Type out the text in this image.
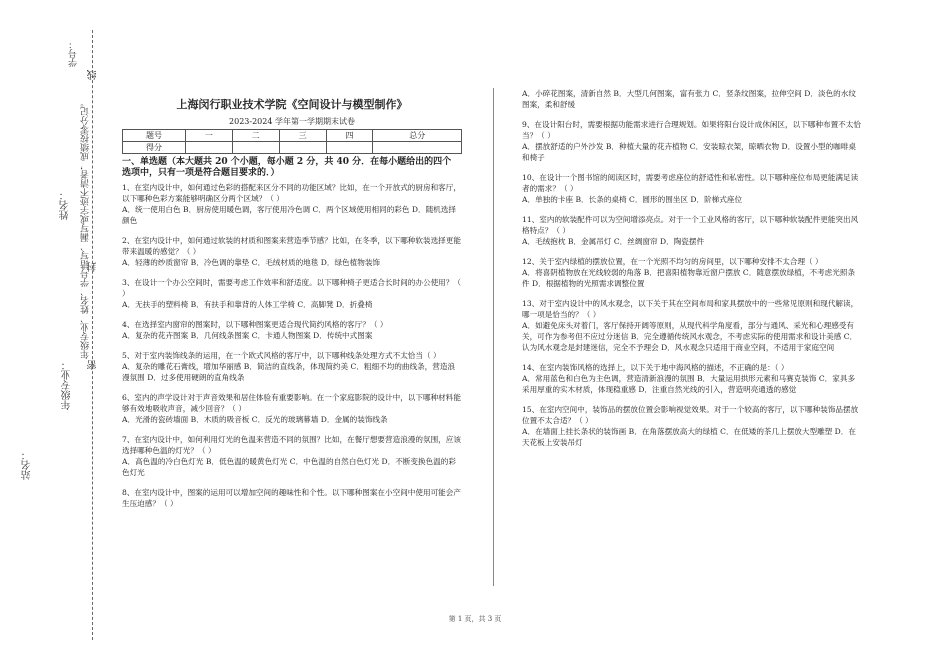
学号：
年级专业、姓名、学号错写、漏写或字迹不清者，成绩按零分记。
线
封
密
姓名：
年级专业：
站名：
上海闵行职业技术学院《空间设计与模型制作》
2023-2024 学年第一学期期末试卷
题号	一	二	三	四	总分
得分					
一、单选题（本大题共 20 个小题，每小题 2 分，共 40 分．在每小题给出的四个
选项中，只有一项是符合题目要求的．）
1、在室内设计中，如何通过色彩的搭配来区分不同的功能区域？比如，在一个开放式的厨房和客厅，以下哪种色彩方案能够明确区分两个区域？（ ）
A．统一使用白色 B．厨房使用暖色调，客厅使用冷色调 C．两个区域使用相同的彩色 D．随机选择颜色
2、在室内设计中，如何通过软装的材质和图案来营造季节感？比如，在冬季，以下哪种软装选择更能带来温暖的感觉？（ ）
A．轻薄的纱质窗帘 B．冷色调的靠垫 C．毛绒材质的地毯 D．绿色植物装饰
3、在设计一个办公空间时，需要考虑工作效率和舒适度。以下哪种椅子更适合长时间的办公使用？（ ）
A．无扶手的塑料椅 B．有扶手和靠背的人体工学椅 C．高脚凳 D．折叠椅
4、在选择室内窗帘的图案时，以下哪种图案更适合现代简约风格的客厅？（ ）
A．复杂的花卉图案 B．几何线条图案 C．卡通人物图案 D．传统中式图案
5、对于室内装饰线条的运用，在一个欧式风格的客厅中，以下哪种线条处理方式不太恰当（ ）
A．复杂的雕花石膏线，增加华丽感 B．简洁的直线条，体现简约美 C．粗细不均的曲线条，营造浪漫氛围 D．过多使用硬朗的直角线条
6、室内的声学设计对于声音效果和居住体验有重要影响。在一个家庭影院的设计中，以下哪种材料能够有效地吸收声音，减少回音？（ ）
A．光滑的瓷砖墙面 B．木质的吸音板 C．反光的玻璃幕墙 D．金属的装饰线条
7、在室内设计中，如何利用灯光的色温来营造不同的氛围？比如，在餐厅想要营造浪漫的氛围，应该选择哪种色温的灯光？（ ）
A．高色温的冷白色灯光 B．低色温的暖黄色灯光 C．中色温的自然白色灯光 D．不断变换色温的彩色灯光
8、在室内设计中，图案的运用可以增加空间的趣味性和个性。以下哪种图案在小空间中使用可能会产生压迫感？（ ）
A．小碎花图案，清新自然 B．大型几何图案，富有张力 C．竖条纹图案，拉伸空间 D．淡色的水纹图案，柔和舒缓
9、在设计阳台时，需要根据功能需求进行合理规划。如果将阳台设计成休闲区，以下哪种布置不太恰当？（ ）
A．摆放舒适的户外沙发 B．种植大量的花卉植物 C．安装晾衣架，晾晒衣物 D．设置小型的咖啡桌和椅子
10、在设计一个图书馆的阅读区时，需要考虑座位的舒适性和私密性。以下哪种座位布局更能满足读者的需求？（ ）
A．单独的卡座 B．长条的桌椅 C．圆形的围坐区 D．阶梯式座位
11、室内的软装配件可以为空间增添亮点。对于一个工业风格的客厅，以下哪种软装配件更能突出风格特点？（ ）
A．毛绒抱枕 B．金属吊灯 C．丝绸窗帘 D．陶瓷摆件
12、关于室内绿植的摆放位置，在一个光照不均匀的房间里，以下哪种安排不太合理（ ）
A．将喜阴植物放在光线较弱的角落 B．把喜阳植物靠近窗户摆放 C．随意摆放绿植，不考虑光照条件 D．根据植物的光照需求调整位置
13、对于室内设计中的风水观念，以下关于其在空间布局和家具摆放中的一些常见原则和现代解读，哪一项是恰当的？（ ）
A．如避免床头对着门，客厅保持开阔等原则，从现代科学角度看，部分与通风、采光和心理感受有关，可作为参考但不应过分迷信 B．完全遵循传统风水观念，不考虑实际的使用需求和设计美感 C．认为风水观念是封建迷信，完全不予理会 D．风水观念只适用于商业空间，不适用于家庭空间
14、在室内装饰风格的选择上，以下关于地中海风格的描述，不正确的是：（ ）
A．常用蓝色和白色为主色调，营造清新浪漫的氛围 B．大量运用拱形元素和马赛克装饰 C．家具多采用厚重的实木材质，体现稳重感 D．注重自然光线的引入，营造明亮通透的感觉
15、在室内空间中，装饰品的摆放位置会影响视觉效果。对于一个较高的客厅，以下哪种装饰品摆放位置不太合适？（ ）
A．在墙面上挂长条状的装饰画 B．在角落摆放高大的绿植 C．在低矮的茶几上摆放大型雕塑 D．在天花板上安装吊灯
第 1 页，共 3 页
